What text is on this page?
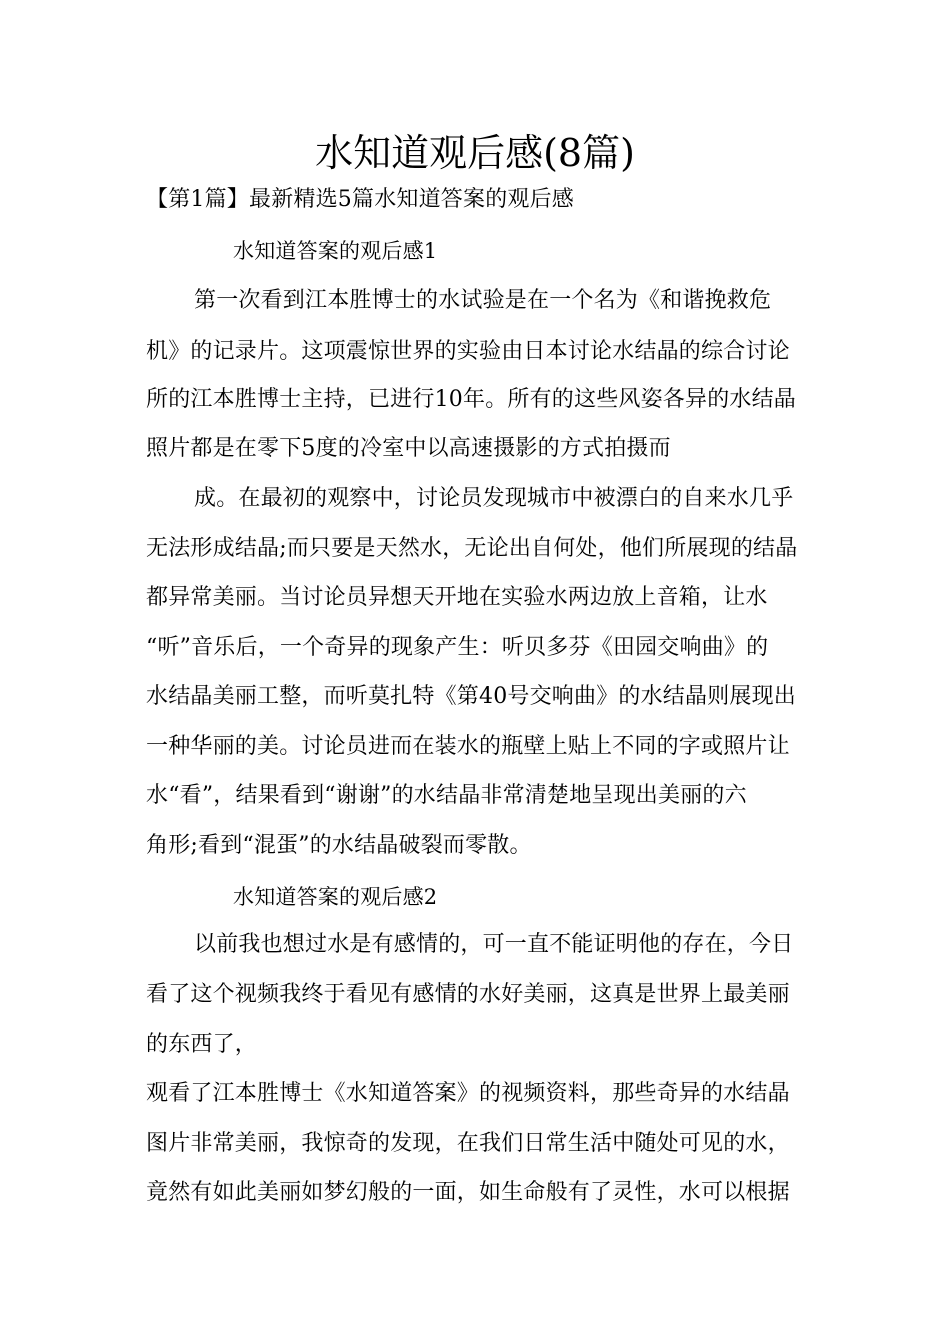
水知道观后感(8篇)
【第1篇】最新精选5篇水知道答案的观后感
水知道答案的观后感1
第一次看到江本胜博士的水试验是在一个名为《和谐挽救危
机》的记录片。这项震惊世界的实验由日本讨论水结晶的综合讨论
所的江本胜博士主持，已进行10年。所有的这些风姿各异的水结晶
照片都是在零下5度的冷室中以高速摄影的方式拍摄而
成。在最初的观察中，讨论员发现城市中被漂白的自来水几乎
无法形成结晶;而只要是天然水，无论出自何处，他们所展现的结晶
都异常美丽。当讨论员异想天开地在实验水两边放上音箱，让水
“听”音乐后，一个奇异的现象产生：听贝多芬《田园交响曲》的
水结晶美丽工整，而听莫扎特《第40号交响曲》的水结晶则展现出
一种华丽的美。讨论员进而在装水的瓶壁上贴上不同的字或照片让
水“看”，结果看到“谢谢”的水结晶非常清楚地呈现出美丽的六
角形;看到“混蛋”的水结晶破裂而零散。
水知道答案的观后感2
以前我也想过水是有感情的，可一直不能证明他的存在，今日
看了这个视频我终于看见有感情的水好美丽，这真是世界上最美丽
的东西了，
观看了江本胜博士《水知道答案》的视频资料，那些奇异的水结晶
图片非常美丽，我惊奇的发现，在我们日常生活中随处可见的水，
竟然有如此美丽如梦幻般的一面，如生命般有了灵性，水可以根据
